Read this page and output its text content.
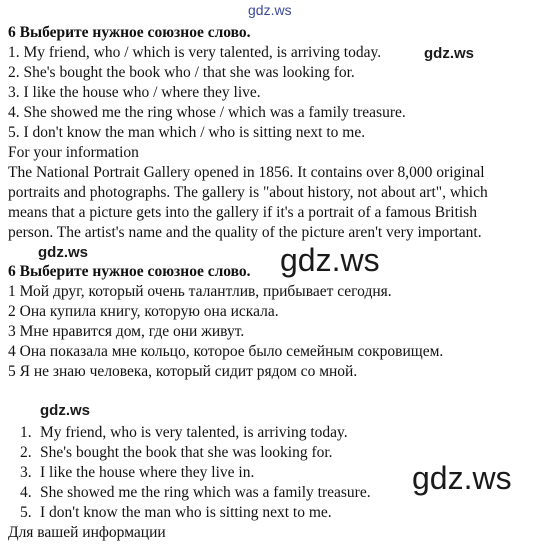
gdz.ws
6 Выберите нужное союзное слово.
1. My friend, who / which is very talented, is arriving today.	gdz.ws
2. She's bought the book who / that she was looking for.
3. I like the house who / where they live.
4. She showed me the ring whose / which was a family treasure.
5. I don't know the man which / who is sitting next to me.
For your information
The National Portrait Gallery opened in 1856. It contains over 8,000 original
portraits and photographs. The gallery is "about history, not about art", which
means that a picture gets into the gallery if it's a portrait of a famous British
person. The artist's name and the quality of the picture aren't very important.
gdz.ws	gdz.ws
6 Выберите нужное союзное слово.
1 Мой друг, который очень талантлив, прибывает сегодня.
2 Она купила книгу, которую она искала.
3 Мне нравится дом, где они живут.
4 Она показала мне кольцо, которое было семейным сокровищем.
5 Я не знаю человека, который сидит рядом со мной.
gdz.ws
1. My friend, who is very talented, is arriving today.
2. She's bought the book that she was looking for.
3. I like the house where they live in.
4. She showed me the ring which was a family treasure.
5. I don't know the man who is sitting next to me.
gdz.ws
Для вашей информации
